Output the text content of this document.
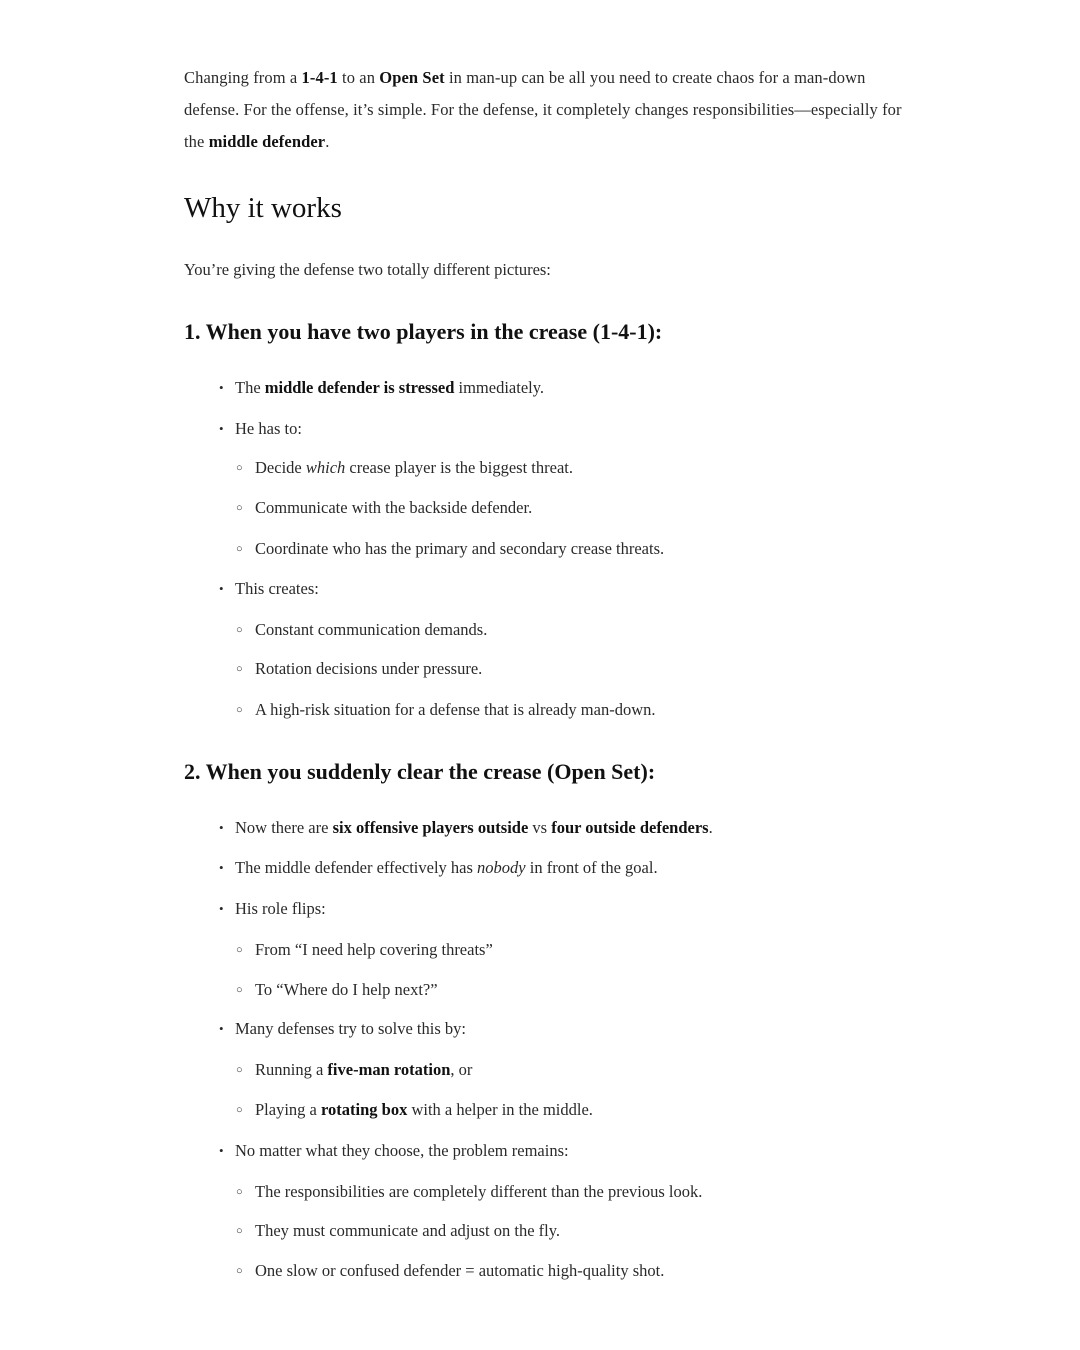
Changing from a 1-4-1 to an Open Set in man-up can be all you need to create chaos for a man-down defense. For the offense, it’s simple. For the defense, it completely changes responsibilities—especially for the middle defender.

Why it works

You’re giving the defense two totally different pictures:

1. When you have two players in the crease (1-4-1):
• The middle defender is stressed immediately.
• He has to:
○ Decide which crease player is the biggest threat.
○ Communicate with the backside defender.
○ Coordinate who has the primary and secondary crease threats.
• This creates:
○ Constant communication demands.
○ Rotation decisions under pressure.
○ A high-risk situation for a defense that is already man-down.
2. When you suddenly clear the crease (Open Set):
• Now there are six offensive players outside vs four outside defenders.
• The middle defender effectively has nobody in front of the goal.
• His role flips:
○ From “I need help covering threats”
○ To “Where do I help next?”
• Many defenses try to solve this by:
○ Running a five-man rotation, or
○ Playing a rotating box with a helper in the middle.
• No matter what they choose, the problem remains:
○ The responsibilities are completely different than the previous look.
○ They must communicate and adjust on the fly.
○ One slow or confused defender = automatic high-quality shot.
